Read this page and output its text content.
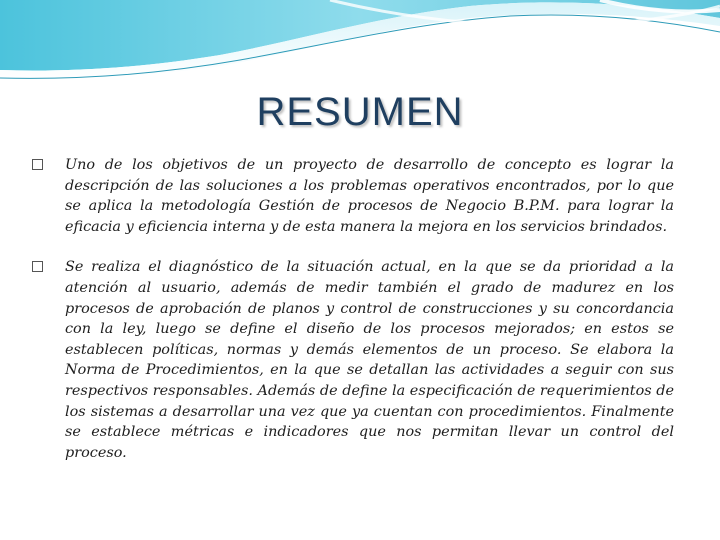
RESUMEN
Uno de los objetivos de un proyecto de desarrollo de concepto es lograr la descripción de las soluciones a los problemas operativos encontrados, por lo que se aplica la metodología Gestión de procesos de Negocio B.P.M. para lograr la eficacia y eficiencia interna y de esta manera la mejora en los servicios brindados.
Se realiza el diagnóstico de la situación actual, en la que se da prioridad a la atención al usuario, además de medir también el grado de madurez en los procesos de aprobación de planos y control de construcciones y su concordancia con la ley, luego se define el diseño de los procesos mejorados; en estos se establecen políticas, normas y demás elementos de un proceso. Se elabora la Norma de Procedimientos, en la que se detallan las actividades a seguir con sus respectivos responsables. Además de define la especificación de requerimientos de los sistemas a desarrollar una vez que ya cuentan con procedimientos. Finalmente se establece métricas e indicadores que nos permitan llevar un control del proceso.
